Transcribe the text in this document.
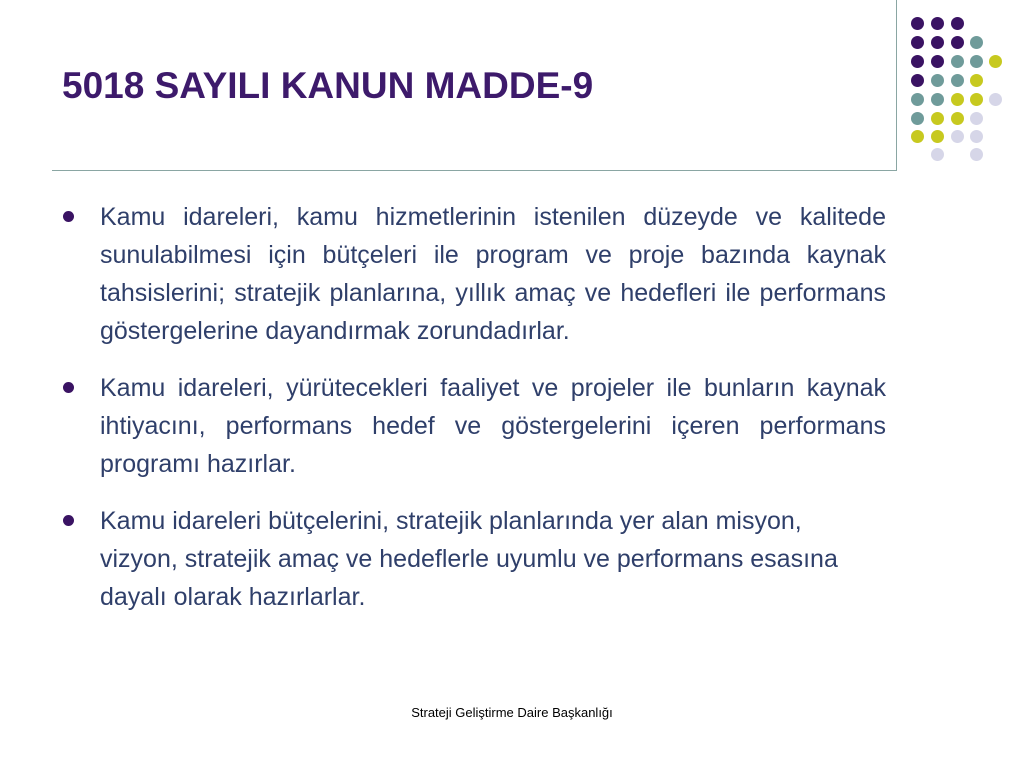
5018 SAYILI KANUN MADDE-9
Kamu idareleri, kamu hizmetlerinin istenilen düzeyde ve kalitede sunulabilmesi için bütçeleri ile program ve proje bazında kaynak tahsislerini; stratejik planlarına, yıllık amaç ve hedefleri ile performans göstergelerine dayandırmak zorundadırlar.
Kamu idareleri, yürütecekleri faaliyet ve projeler ile bunların kaynak ihtiyacını, performans hedef ve göstergelerini içeren performans programı hazırlar.
Kamu idareleri bütçelerini, stratejik planlarında yer alan misyon, vizyon, stratejik amaç ve hedeflerle uyumlu ve performans esasına dayalı olarak hazırlarlar.
Strateji Geliştirme Daire Başkanlığı
